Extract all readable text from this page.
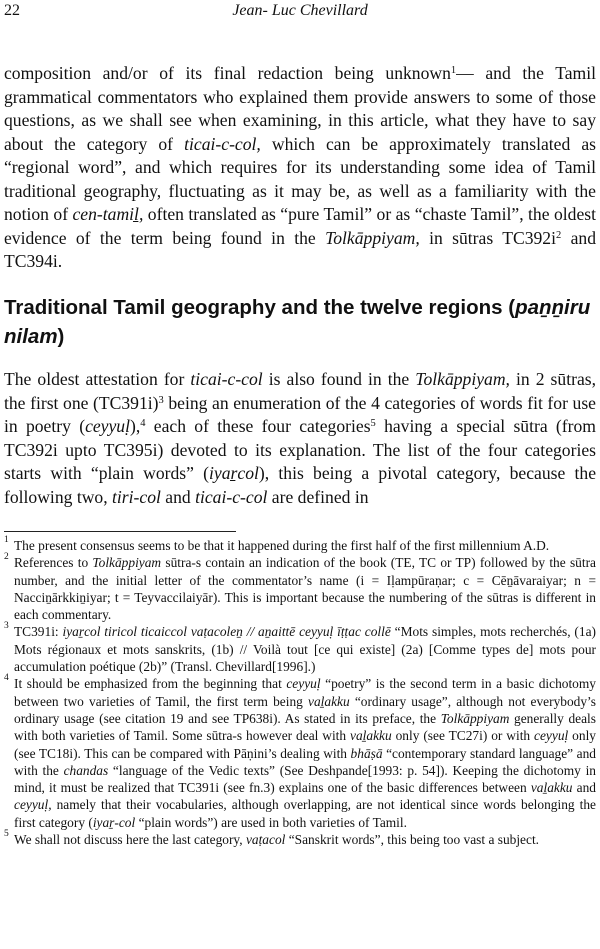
22	Jean- Luc Chevillard

composition and/or of its final redaction being unknown$^1$— and the Tamil grammatical commentators who explained them provide answers to some of those questions, as we shall see when examining, in this article, what they have to say about the category of ticai-c-col, which can be approximately translated as “regional word”, and which requires for its understanding some idea of Tamil traditional geography, fluctuating as it may be, as well as a familiarity with the notion of cen-tamiḻ, often translated as “pure Tamil” or as “chaste Tamil”, the oldest evidence of the term being found in the Tolkāppiyam, in sūtras $TC392i^2$ and TC394i.

Traditional Tamil geography and the twelve regions (paṉṉiru nilam)

The oldest attestation for ticai-c-col is also found in the Tolkāppiyam, in 2 sūtras, the first one $(TC391i)^3$ being an enumeration of the 4 categories of words fit for use in poetry (ceyyuḷ),$^4$ each of these four categories$^5$ having a special sūtra (from TC392i upto TC395i) devoted to its explanation. The list of the four categories starts with “plain words” (iyaṟcol), this being a pivotal category, because the following two, tiri-col and ticai-c-col are defined in

1 The present consensus seems to be that it happened during the first half of the first millennium A.D.

2 References to Tolkāppiyam sūtra-s contain an indication of the book (TE, TC or TP) followed by the sūtra number, and the initial letter of the commentator’s name (i = Iḷampūraṇar; c = Cēṉāvaraiyar; n = Nacciṉārkkiṉiyar; t = Teyvaccilaiyār). This is important because the numbering of the sūtras is different in each commentary.

3 TC391i: iyaṟcol tiricol ticaiccol vaṭacoleṉ // aṉaittē ceyyuḷ īṭṭac collē “Mots simples, mots recherchés, (1a) Mots régionaux et mots sanskrits, (1b) // Voilà tout [ce qui existe] (2a) [Comme types de] mots pour accumulation poétique (2b)” (Transl. Chevillard[1996].)

4 It should be emphasized from the beginning that ceyyuḷ “poetry” is the second term in a basic dichotomy between two varieties of Tamil, the first term being vaḻakku “ordinary usage”, although not everybody’s ordinary usage (see citation 19 and see TP638i). As stated in its preface, the Tolkāppiyam generally deals with both varieties of Tamil. Some sūtra-s however deal with vaḻakku only (see TC27i) or with ceyyuḷ only (see TC18i). This can be compared with Pāṇini’s dealing with bhāṣā “contemporary standard language” and with the chandas “language of the Vedic texts” (See Deshpande[1993: p. 54]). Keeping the dichotomy in mind, it must be realized that TC391i (see fn.3) explains one of the basic differences between vaḻakku and ceyyuḷ, namely that their vocabularies, although overlapping, are not identical since words belonging the first category (iyaṟ-col “plain words”) are used in both varieties of Tamil.

5 We shall not discuss here the last category, vaṭacol “Sanskrit words”, this being too vast a subject.
